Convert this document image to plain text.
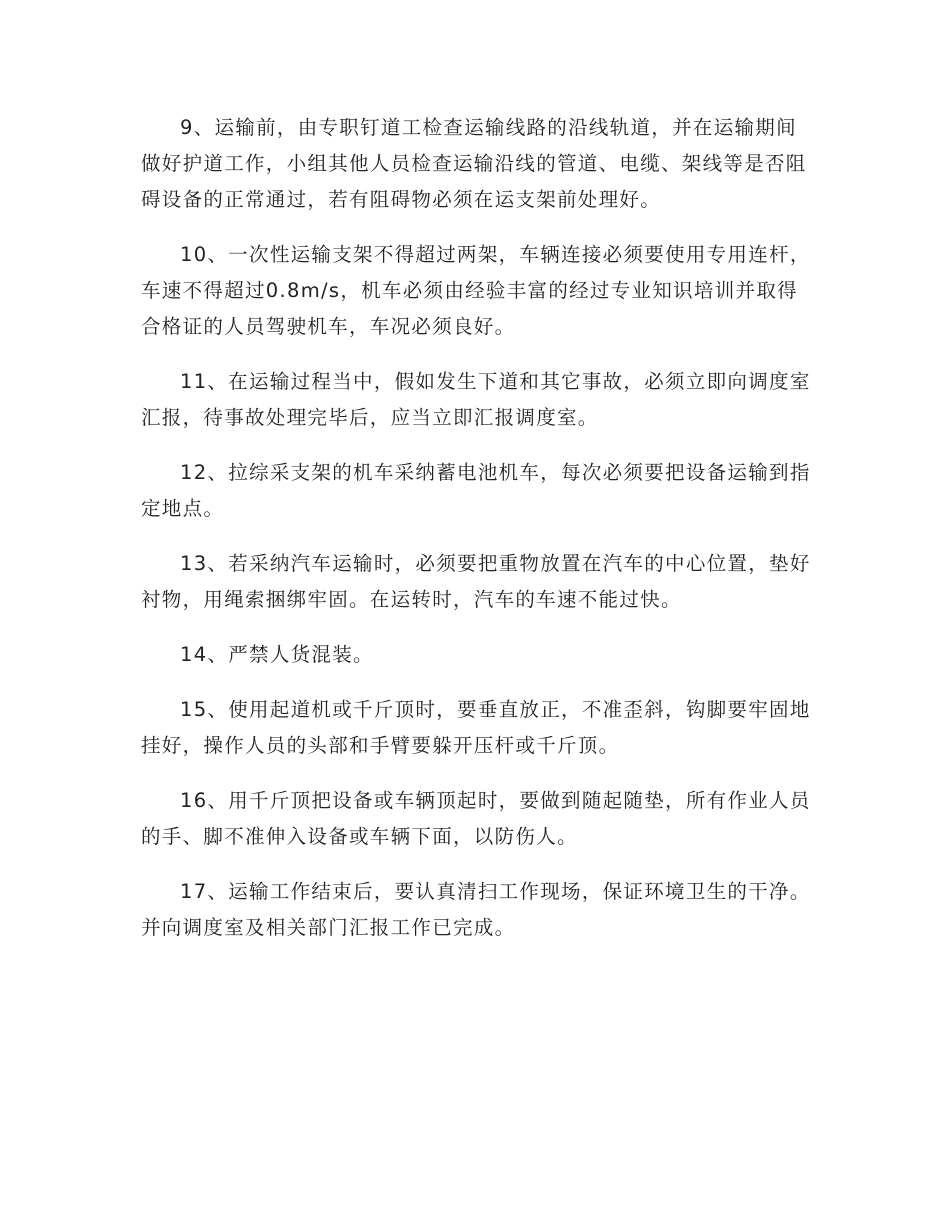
9、运输前，由专职钉道工检查运输线路的沿线轨道，并在运输期间做好护道工作，小组其他人员检查运输沿线的管道、电缆、架线等是否阻碍设备的正常通过，若有阻碍物必须在运支架前处理好。

10、一次性运输支架不得超过两架，车辆连接必须要使用专用连杆，车速不得超过0.8m/s，机车必须由经验丰富的经过专业知识培训并取得合格证的人员驾驶机车，车况必须良好。

11、在运输过程当中，假如发生下道和其它事故，必须立即向调度室汇报，待事故处理完毕后，应当立即汇报调度室。

12、拉综采支架的机车采纳蓄电池机车，每次必须要把设备运输到指定地点。

13、若采纳汽车运输时，必须要把重物放置在汽车的中心位置，垫好衬物，用绳索捆绑牢固。在运转时，汽车的车速不能过快。

14、严禁人货混装。

15、使用起道机或千斤顶时，要垂直放正，不准歪斜，钩脚要牢固地挂好，操作人员的头部和手臂要躲开压杆或千斤顶。

16、用千斤顶把设备或车辆顶起时，要做到随起随垫，所有作业人员的手、脚不准伸入设备或车辆下面，以防伤人。

17、运输工作结束后，要认真清扫工作现场，保证环境卫生的干净。并向调度室及相关部门汇报工作已完成。
